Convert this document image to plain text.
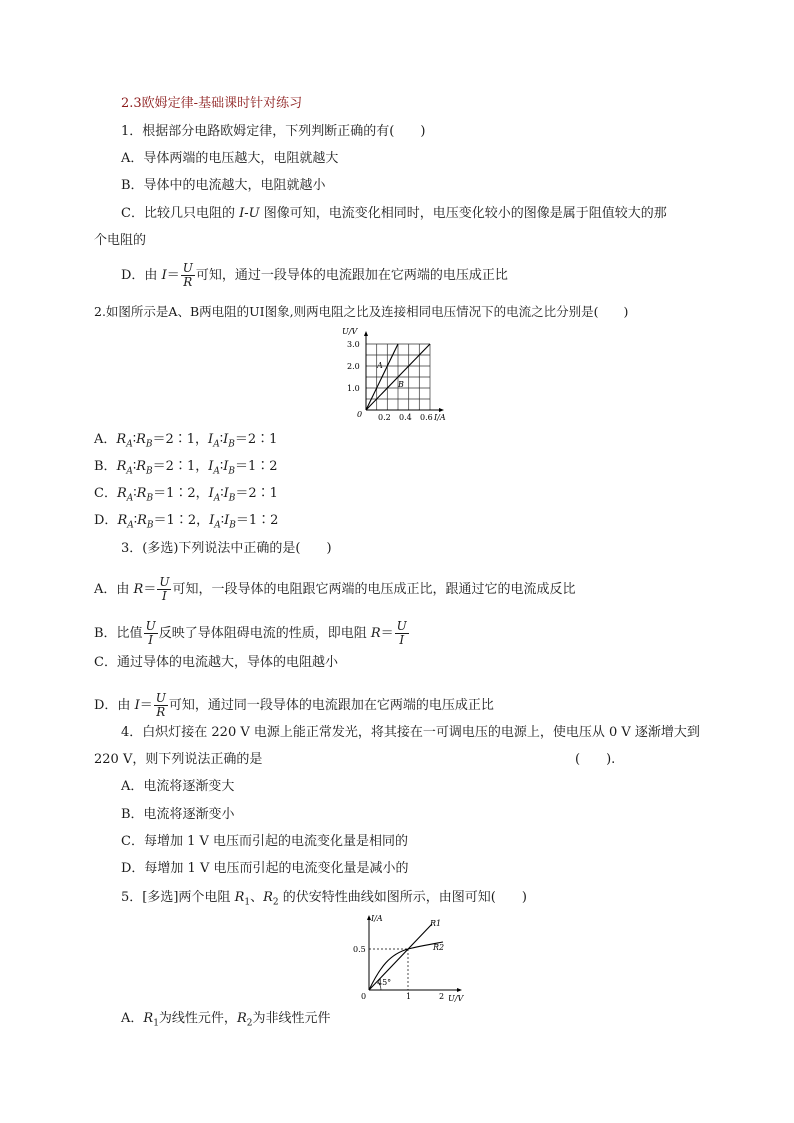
2.3欧姆定律-基础课时针对练习
1．根据部分电路欧姆定律，下列判断正确的有(　　)
A．导体两端的电压越大，电阻就越大
B．导体中的电流越大，电阻就越小
C．比较几只电阻的 I-U 图像可知，电流变化相同时，电压变化较小的图像是属于阻值较大的那
个电阻的
D．由 $I= \frac{U}{R}$ 可知，通过一段导体的电流跟加在它两端的电压成正比
2.如图所示是A、B两电阻的UI图象,则两电阻之比及连接相同电压情况下的电流之比分别是(　　)
U/V
I/A
3.0
2.0
1.0
0 0.2 0.4 0.6
A
B
A．$R_A∶R_B=2∶1$，$I_A∶I_B=2∶1$
B．$R_A∶R_B=2∶1$，$I_A∶I_B=1∶2$
C．$R_A∶R_B=1∶2$，$I_A∶I_B=2∶1$
D．$R_A∶R_B=1∶2$，$I_A∶I_B=1∶2$
3．(多选)下列说法中正确的是(　　)
A．由 $R= \frac{U}{I}$ 可知，一段导体的电阻跟它两端的电压成正比，跟通过它的电流成反比
B．比值 $\frac{U}{I}$ 反映了导体阻碍电流的性质，即电阻 $R= \frac{U}{I}$
C．通过导体的电流越大，导体的电阻越小
D．由 $I= \frac{U}{R}$ 可知，通过同一段导体的电流跟加在它两端的电压成正比
4．白炽灯接在 220 V 电源上能正常发光，将其接在一可调电压的电源上，使电压从 0 V 逐渐增大到
220 V，则下列说法正确的是	(　　).
A．电流将逐渐变大
B．电流将逐渐变小
C．每增加 1 V 电压而引起的电流变化量是相同的
D．每增加 1 V 电压而引起的电流变化量是减小的
5．[多选]两个电阻 $R_1$、$R_2$ 的伏安特性曲线如图所示，由图可知(　　)
45°
I/A
U/V
0.5
0	1	2
R1
R2
A．$R_1$为线性元件，$R_2$为非线性元件
